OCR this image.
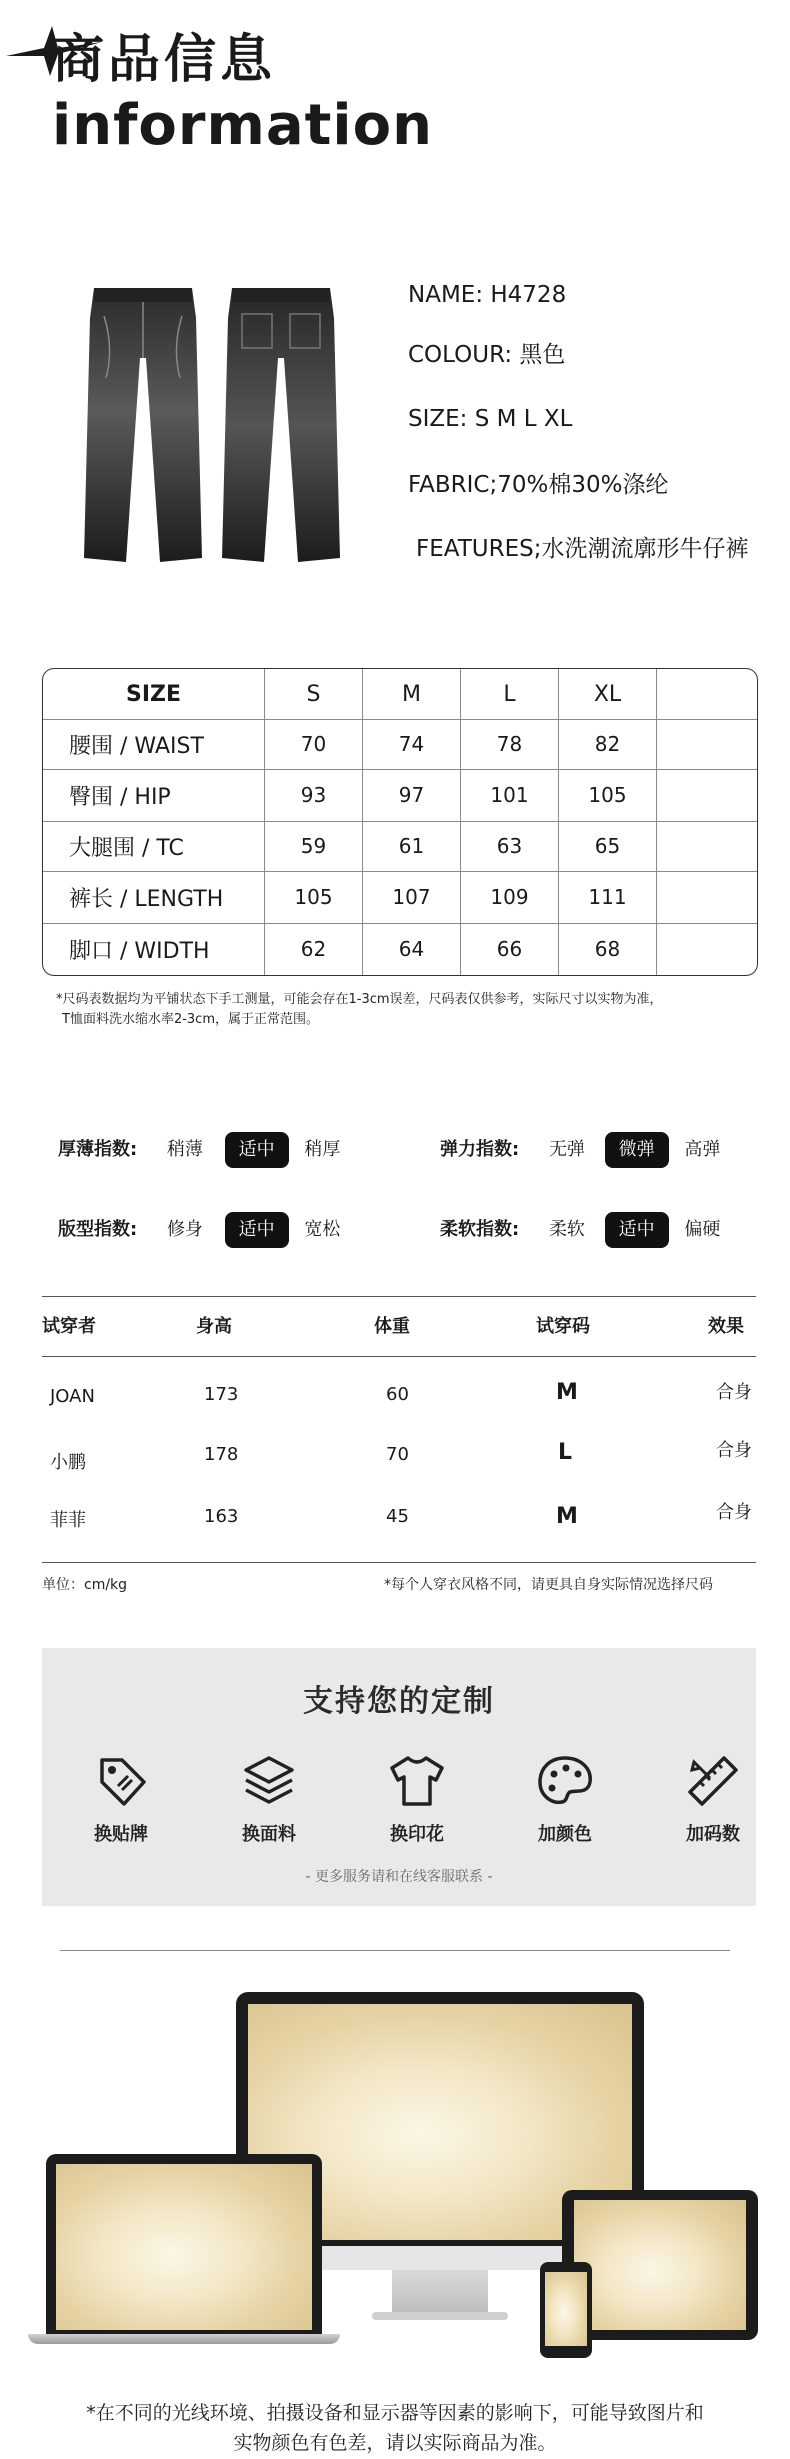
商品信息
information
NAME: H4728
COLOUR: 黑色
SIZE: S M L XL
FABRIC;70%棉30%涤纶
FEATURES;水洗潮流廓形牛仔裤
SIZE	S	M	L	XL
腰围 / WAIST	70	74	78	82
臀围 / HIP	93	97	101	105
大腿围 / TC	59	61	63	65
裤长 / LENGTH	105	107	109	111
脚口 / WIDTH	62	64	66	68
*尺码表数据均为平铺状态下手工测量，可能会存在1-3cm误差，尺码表仅供参考，实际尺寸以实物为准，
T恤面料洗水缩水率2-3cm，属于正常范围。
厚薄指数: 稍薄 适中 稍厚	弹力指数: 无弹 微弹 高弹
版型指数: 修身 适中 宽松	柔软指数: 柔软 适中 偏硬
试穿者	身高	体重	试穿码	效果
JOAN	173	60	M	合身
小鹏	178	70	L	合身
菲菲	163	45	M	合身
单位：cm/kg	*每个人穿衣风格不同，请更具自身实际情况选择尺码
支持您的定制
换贴牌	换面料	换印花	加颜色	加码数
- 更多服务请和在线客服联系 -
*在不同的光线环境、拍摄设备和显示器等因素的影响下，可能导致图片和
实物颜色有色差，请以实际商品为准。
